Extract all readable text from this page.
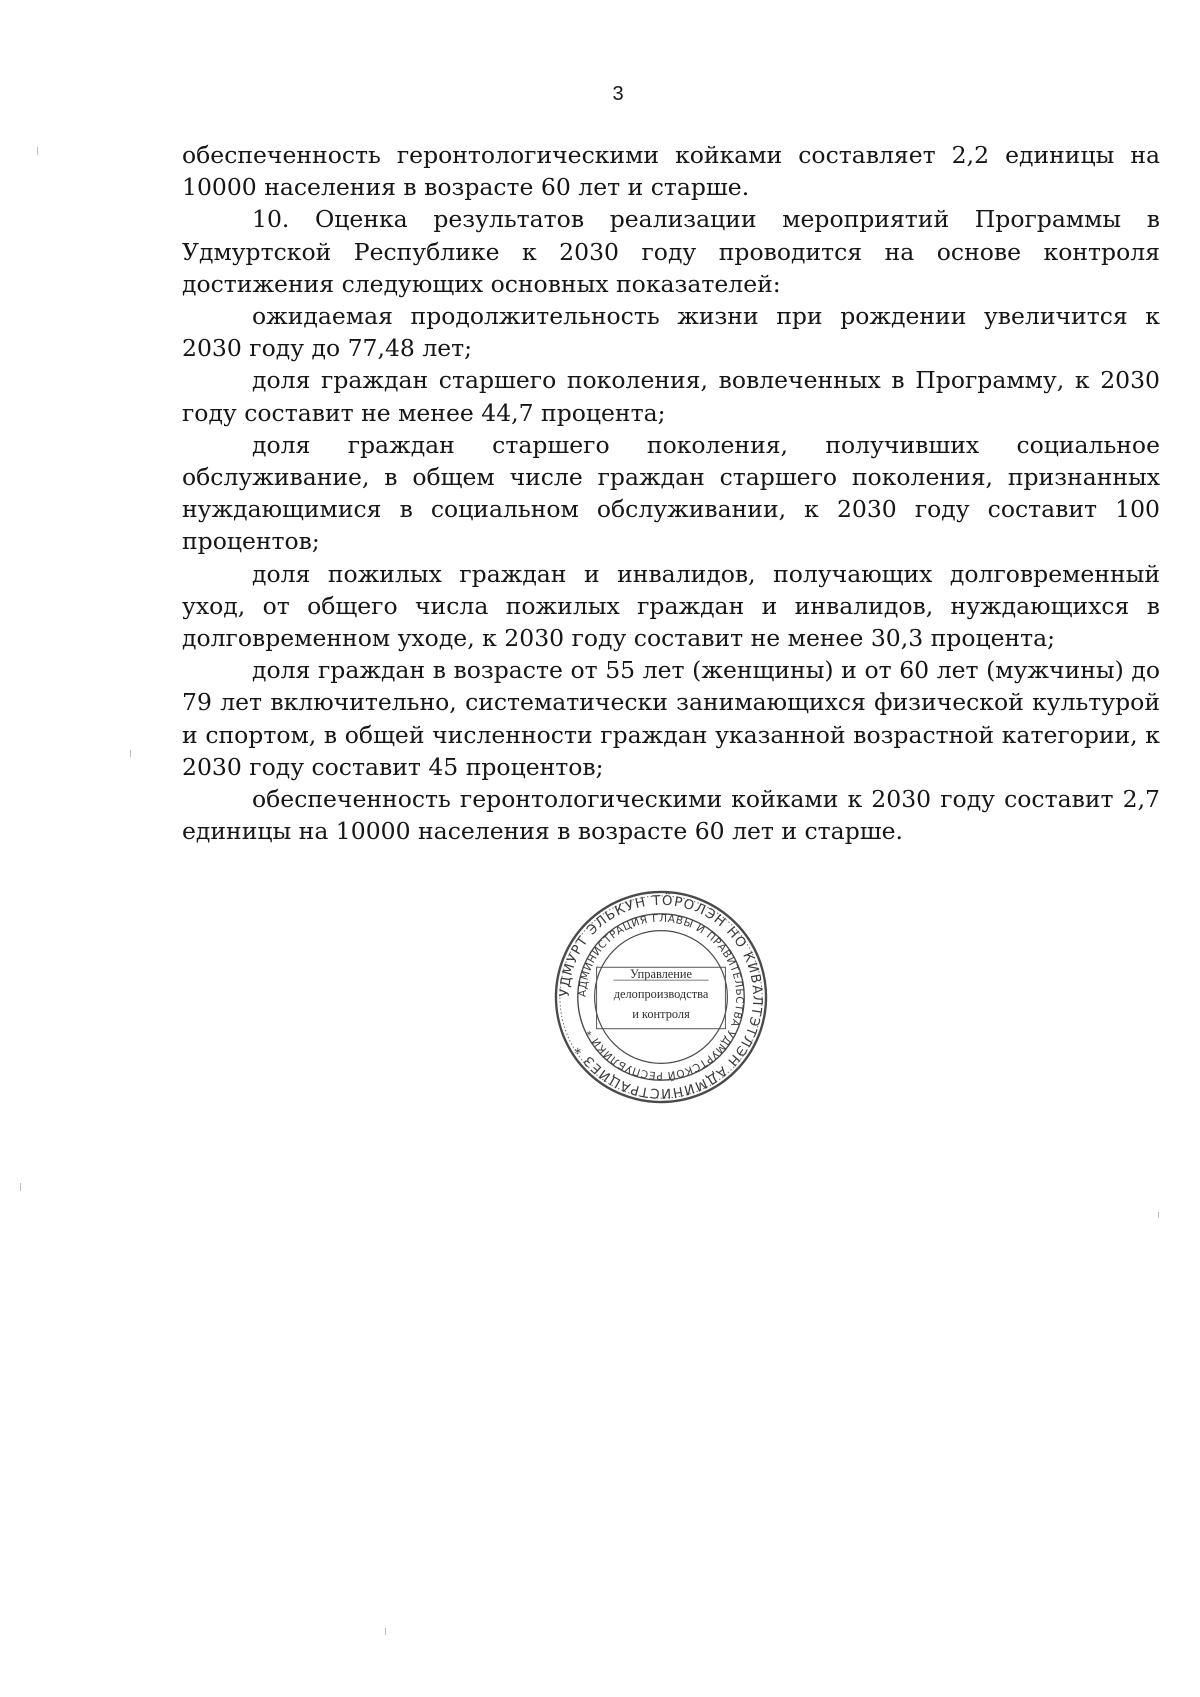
3

обеспеченность геронтологическими койками составляет 2,2 единицы на 10000 населения в возрасте 60 лет и старше.

10. Оценка результатов реализации мероприятий Программы в Удмуртской Республике к 2030 году проводится на основе контроля достижения следующих основных показателей:

ожидаемая продолжительность жизни при рождении увеличится к 2030 году до 77,48 лет;

доля граждан старшего поколения, вовлеченных в Программу, к 2030 году составит не менее 44,7 процента;

доля граждан старшего поколения, получивших социальное обслуживание, в общем числе граждан старшего поколения, признанных нуждающимися в социальном обслуживании, к 2030 году составит 100 процентов;

доля пожилых граждан и инвалидов, получающих долговременный уход, от общего числа пожилых граждан и инвалидов, нуждающихся в долговременном уходе, к 2030 году составит не менее 30,3 процента;

доля граждан в возрасте от 55 лет (женщины) и от 60 лет (мужчины) до 79 лет включительно, систематически занимающихся физической культурой и спортом, в общей численности граждан указанной возрастной категории, к 2030 году составит 45 процентов;

обеспеченность геронтологическими койками к 2030 году составит 2,7 единицы на 10000 населения в возрасте 60 лет и старше.

УДМУРТ ЭЛЬКУН ТӦРОЛЭН НО КИВАЛТЭТЛЭН АДМИНИСТРАЦИЕЗ *
АДМИНИСТРАЦИЯ ГЛАВЫ И ПРАВИТЕЛЬСТВА УДМУРТСКОЙ РЕСПУБЛИКИ *
Управление
делопроизводства
и контроля
